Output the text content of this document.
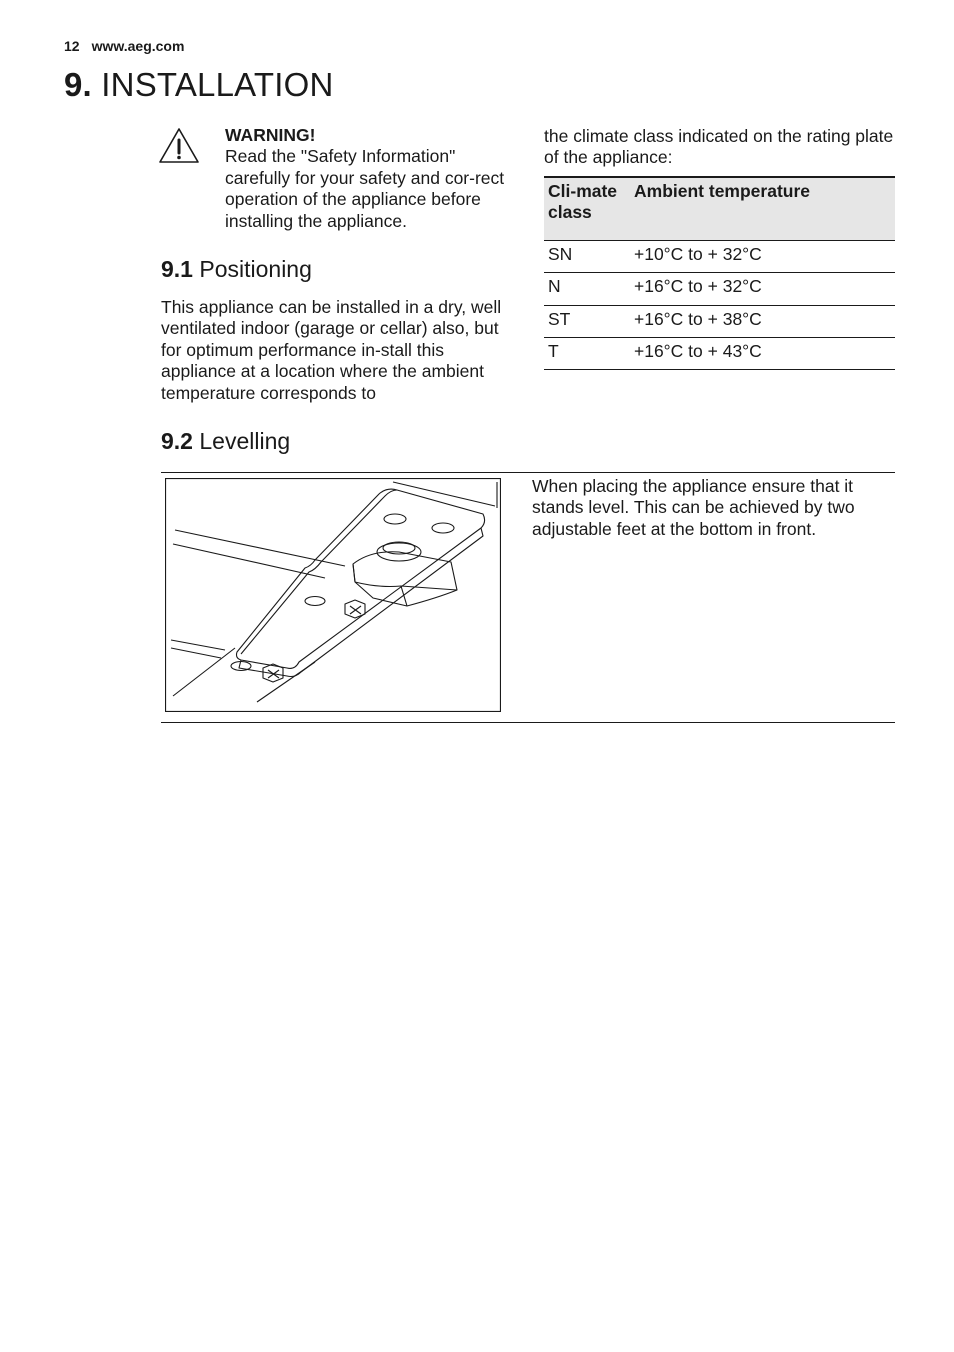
12 www.aeg.com
9. INSTALLATION
WARNING!
Read the "Safety Information" carefully for your safety and cor-rect operation of the appliance before installing the appliance.
9.1 Positioning
This appliance can be installed in a dry, well ventilated indoor (garage or cellar) also, but for optimum performance in-stall this appliance at a location where the ambient temperature corresponds to
the climate class indicated on the rating plate of the appliance:
Cli-mate class	Ambient temperature
SN	+10°C to + 32°C
N	+16°C to + 32°C
ST	+16°C to + 38°C
T	+16°C to + 43°C
9.2 Levelling
When placing the appliance ensure that it stands level. This can be achieved by two adjustable feet at the bottom in front.
